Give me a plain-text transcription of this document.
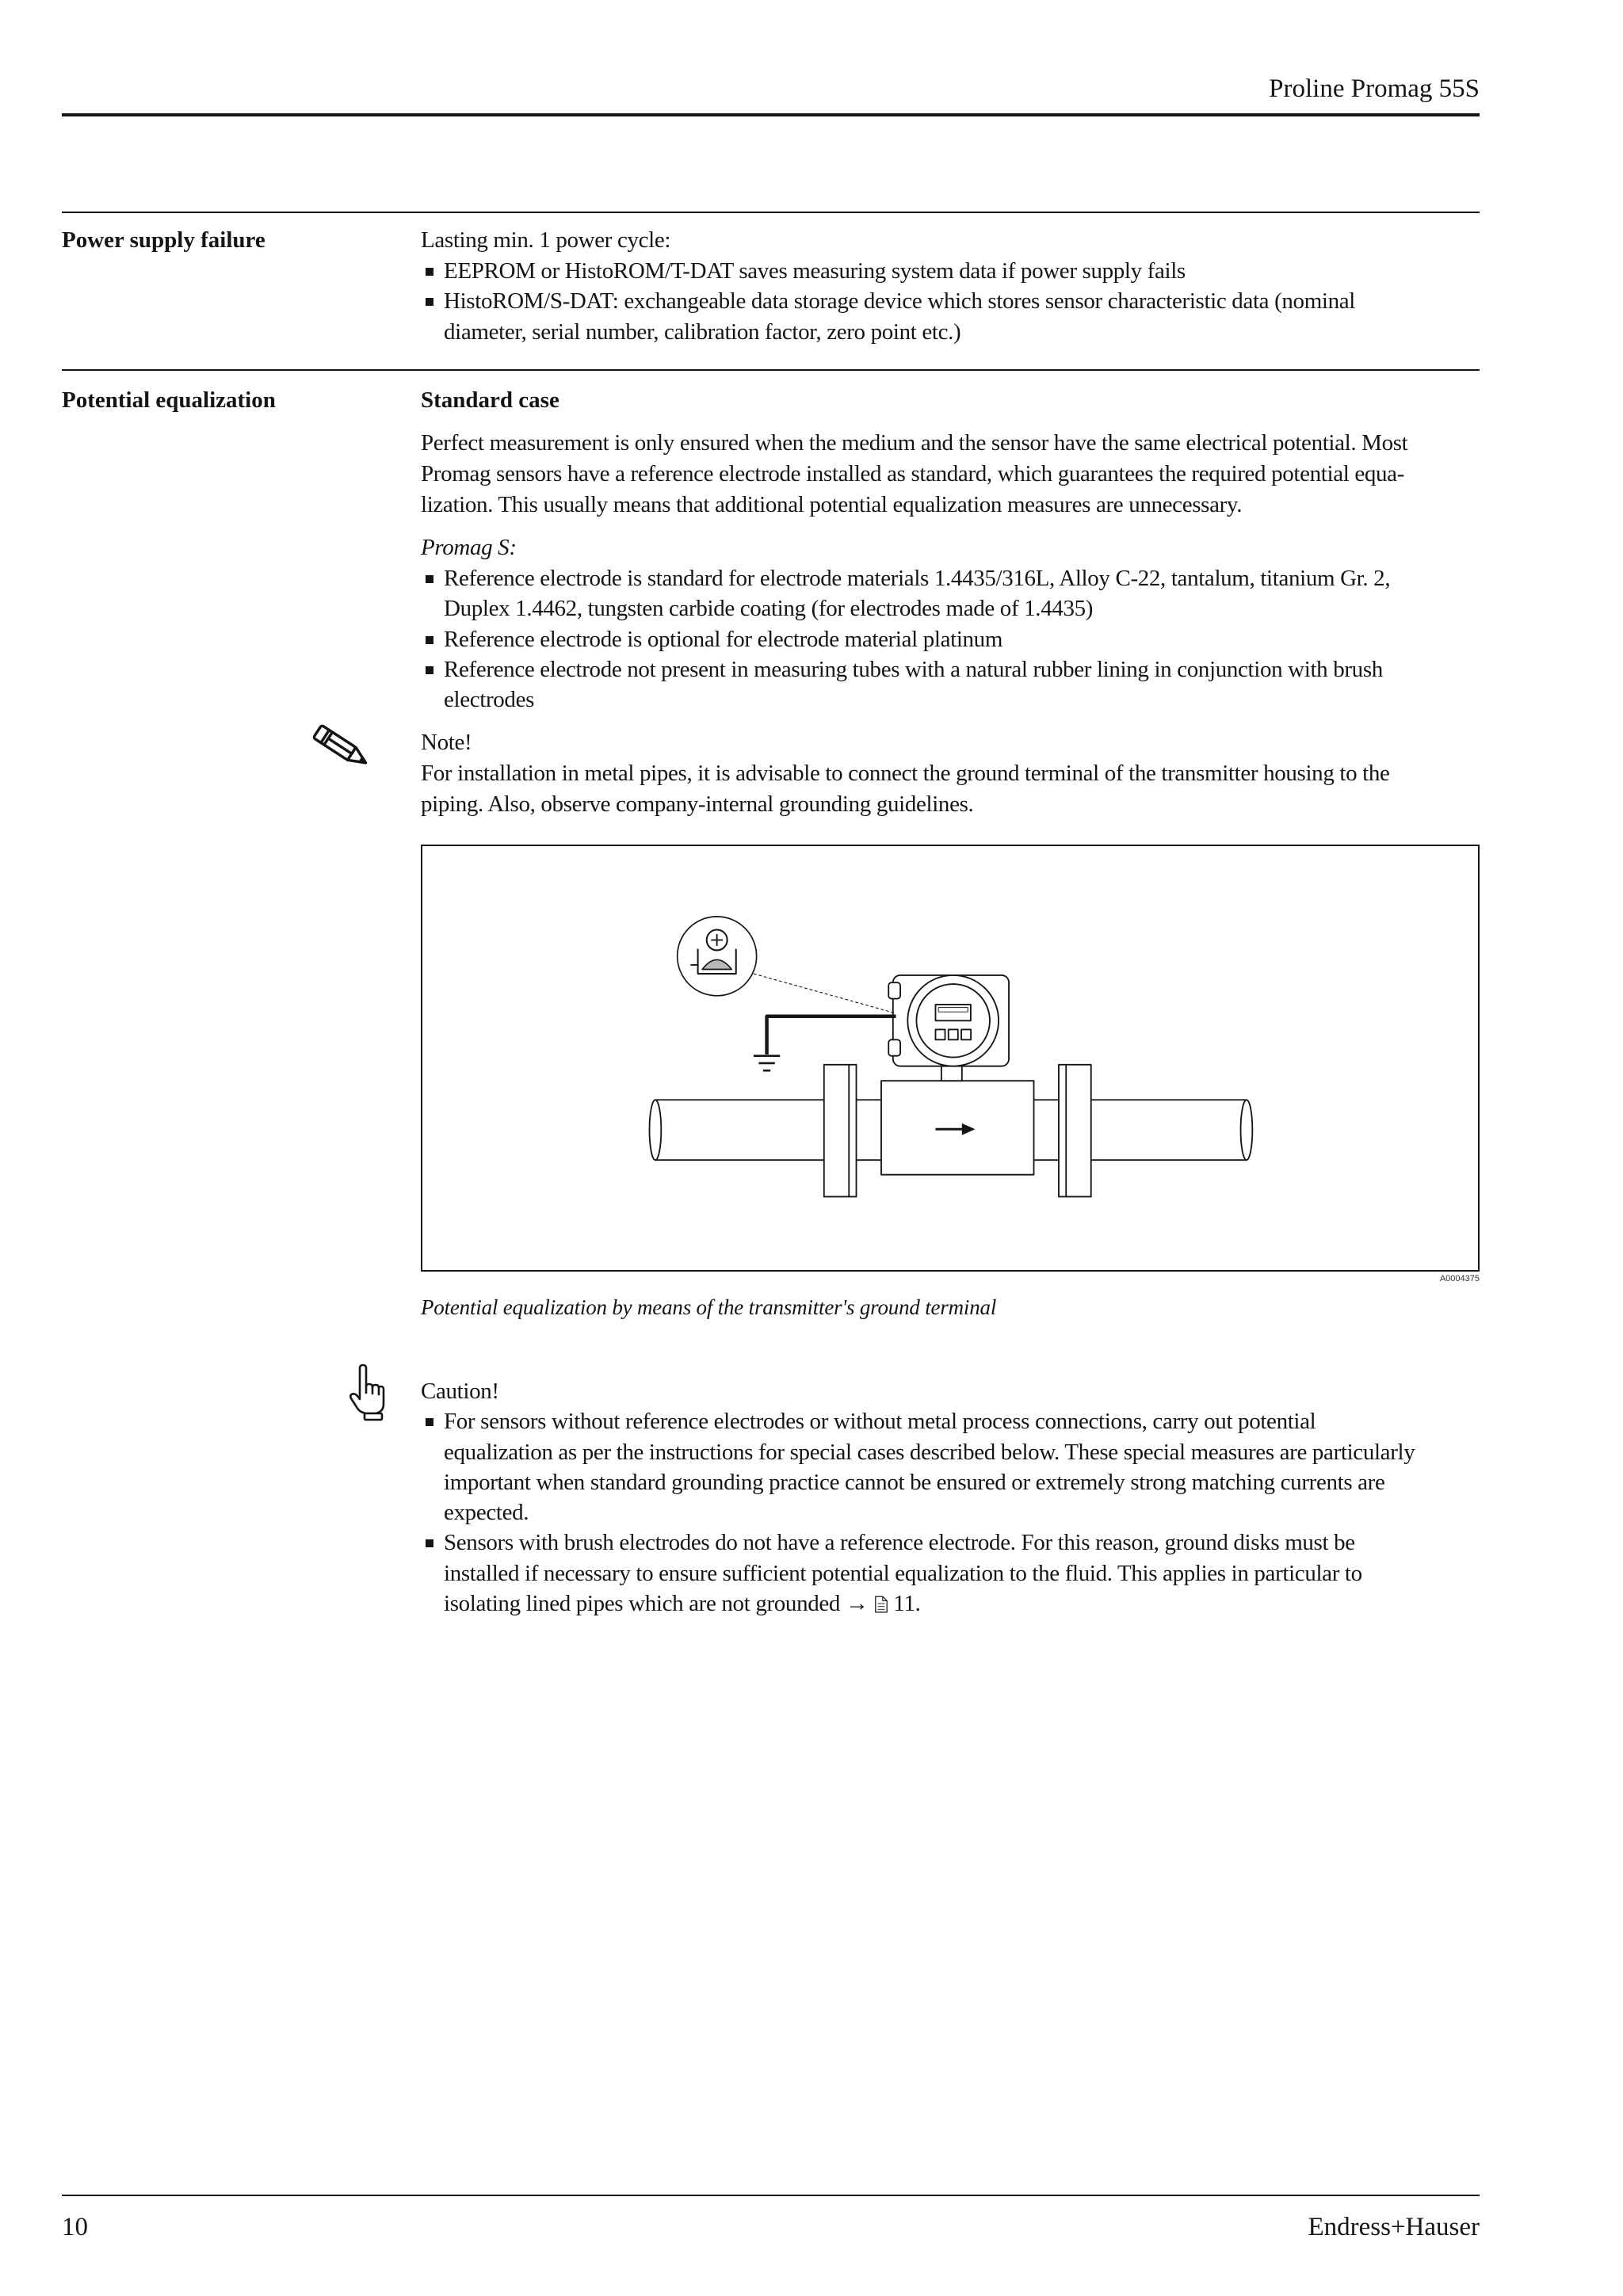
Proline Promag 55S
Power supply failure	Lasting min. 1 power cycle:
EEPROM or HistoROM/T-DAT saves measuring system data if power supply fails
HistoROM/S-DAT: exchangeable data storage device which stores sensor characteristic data (nominal
diameter, serial number, calibration factor, zero point etc.)
Potential equalization	Standard case
Perfect measurement is only ensured when the medium and the sensor have the same electrical potential. Most
Promag sensors have a reference electrode installed as standard, which guarantees the required potential equa-
lization. This usually means that additional potential equalization measures are unnecessary.
Promag S:
Reference electrode is standard for electrode materials 1.4435/316L, Alloy C-22, tantalum, titanium Gr. 2,
Duplex 1.4462, tungsten carbide coating (for electrodes made of 1.4435)
Reference electrode is optional for electrode material platinum
Reference electrode not present in measuring tubes with a natural rubber lining in conjunction with brush
electrodes
Note!
For installation in metal pipes, it is advisable to connect the ground terminal of the transmitter housing to the
piping. Also, observe company-internal grounding guidelines.
A0004375
Potential equalization by means of the transmitter's ground terminal
Caution!
For sensors without reference electrodes or without metal process connections, carry out potential
equalization as per the instructions for special cases described below. These special measures are particularly
important when standard grounding practice cannot be ensured or extremely strong matching currents are
expected.
Sensors with brush electrodes do not have a reference electrode. For this reason, ground disks must be
installed if necessary to ensure sufficient potential equalization to the fluid. This applies in particular to
isolating lined pipes which are not grounded → 11.
10	Endress+Hauser
